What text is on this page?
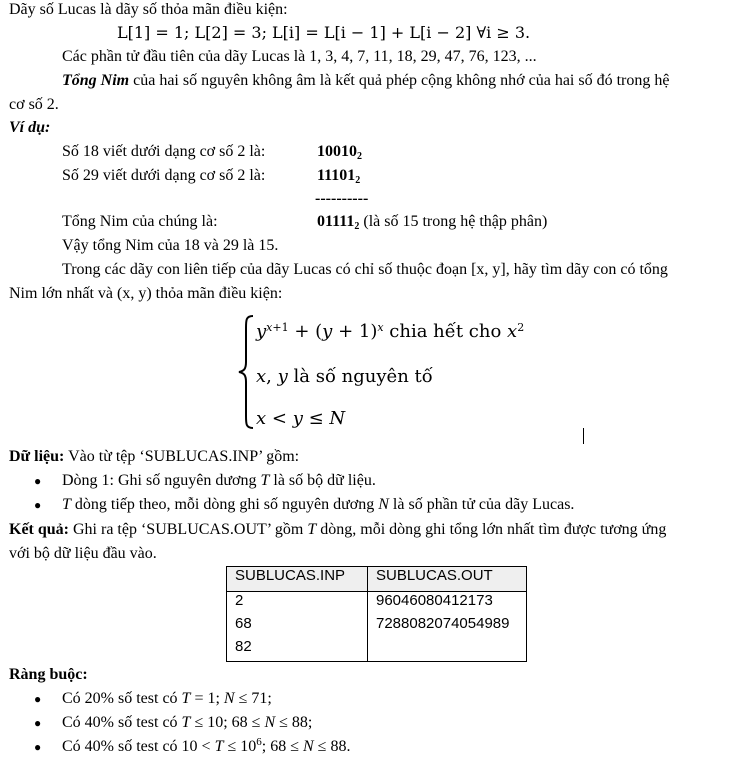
Dãy số Lucas là dãy số thỏa mãn điều kiện:
L[1] = 1; L[2] = 3; L[i] = L[i − 1] + L[i − 2] ∀i ≥ 3.
Các phần tử đầu tiên của dãy Lucas là 1, 3, 4, 7, 11, 18, 29, 47, 76, 123, ...
Tổng Nim của hai số nguyên không âm là kết quả phép cộng không nhớ của hai số đó trong hệ
cơ số 2.
Ví dụ:
Số 18 viết dưới dạng cơ số 2 là:	$10010_2$
Số 29 viết dưới dạng cơ số 2 là:	$11101_2$
----------
Tổng Nim của chúng là:	$01111_2$ (là số 15 trong hệ thập phân)
Vậy tổng Nim của 18 và 29 là 15.
Trong các dãy con liên tiếp của dãy Lucas có chỉ số thuộc đoạn [x, y], hãy tìm dãy con có tổng
Nim lớn nhất và (x, y) thỏa mãn điều kiện:
$y^{x+1} + (y + 1)^x$ chia hết cho $x^2$
x, y là số nguyên tố
x < y ≤ N
Dữ liệu: Vào từ tệp ‘SUBLUCAS.INP’ gồm:
● Dòng 1: Ghi số nguyên dương T là số bộ dữ liệu.
● T dòng tiếp theo, mỗi dòng ghi số nguyên dương N là số phần tử của dãy Lucas.
Kết quả: Ghi ra tệp ‘SUBLUCAS.OUT’ gồm T dòng, mỗi dòng ghi tổng lớn nhất tìm được tương ứng
với bộ dữ liệu đầu vào.
SUBLUCAS.INP	SUBLUCAS.OUT
2	96046080412173
68	7288082074054989
82	
Ràng buộc:
● Có 20% số test có T = 1; N ≤ 71;
● Có 40% số test có T ≤ 10; 68 ≤ N ≤ 88;
● Có 40% số test có $10 < T \le 10^6$; 68 ≤ N ≤ 88.
